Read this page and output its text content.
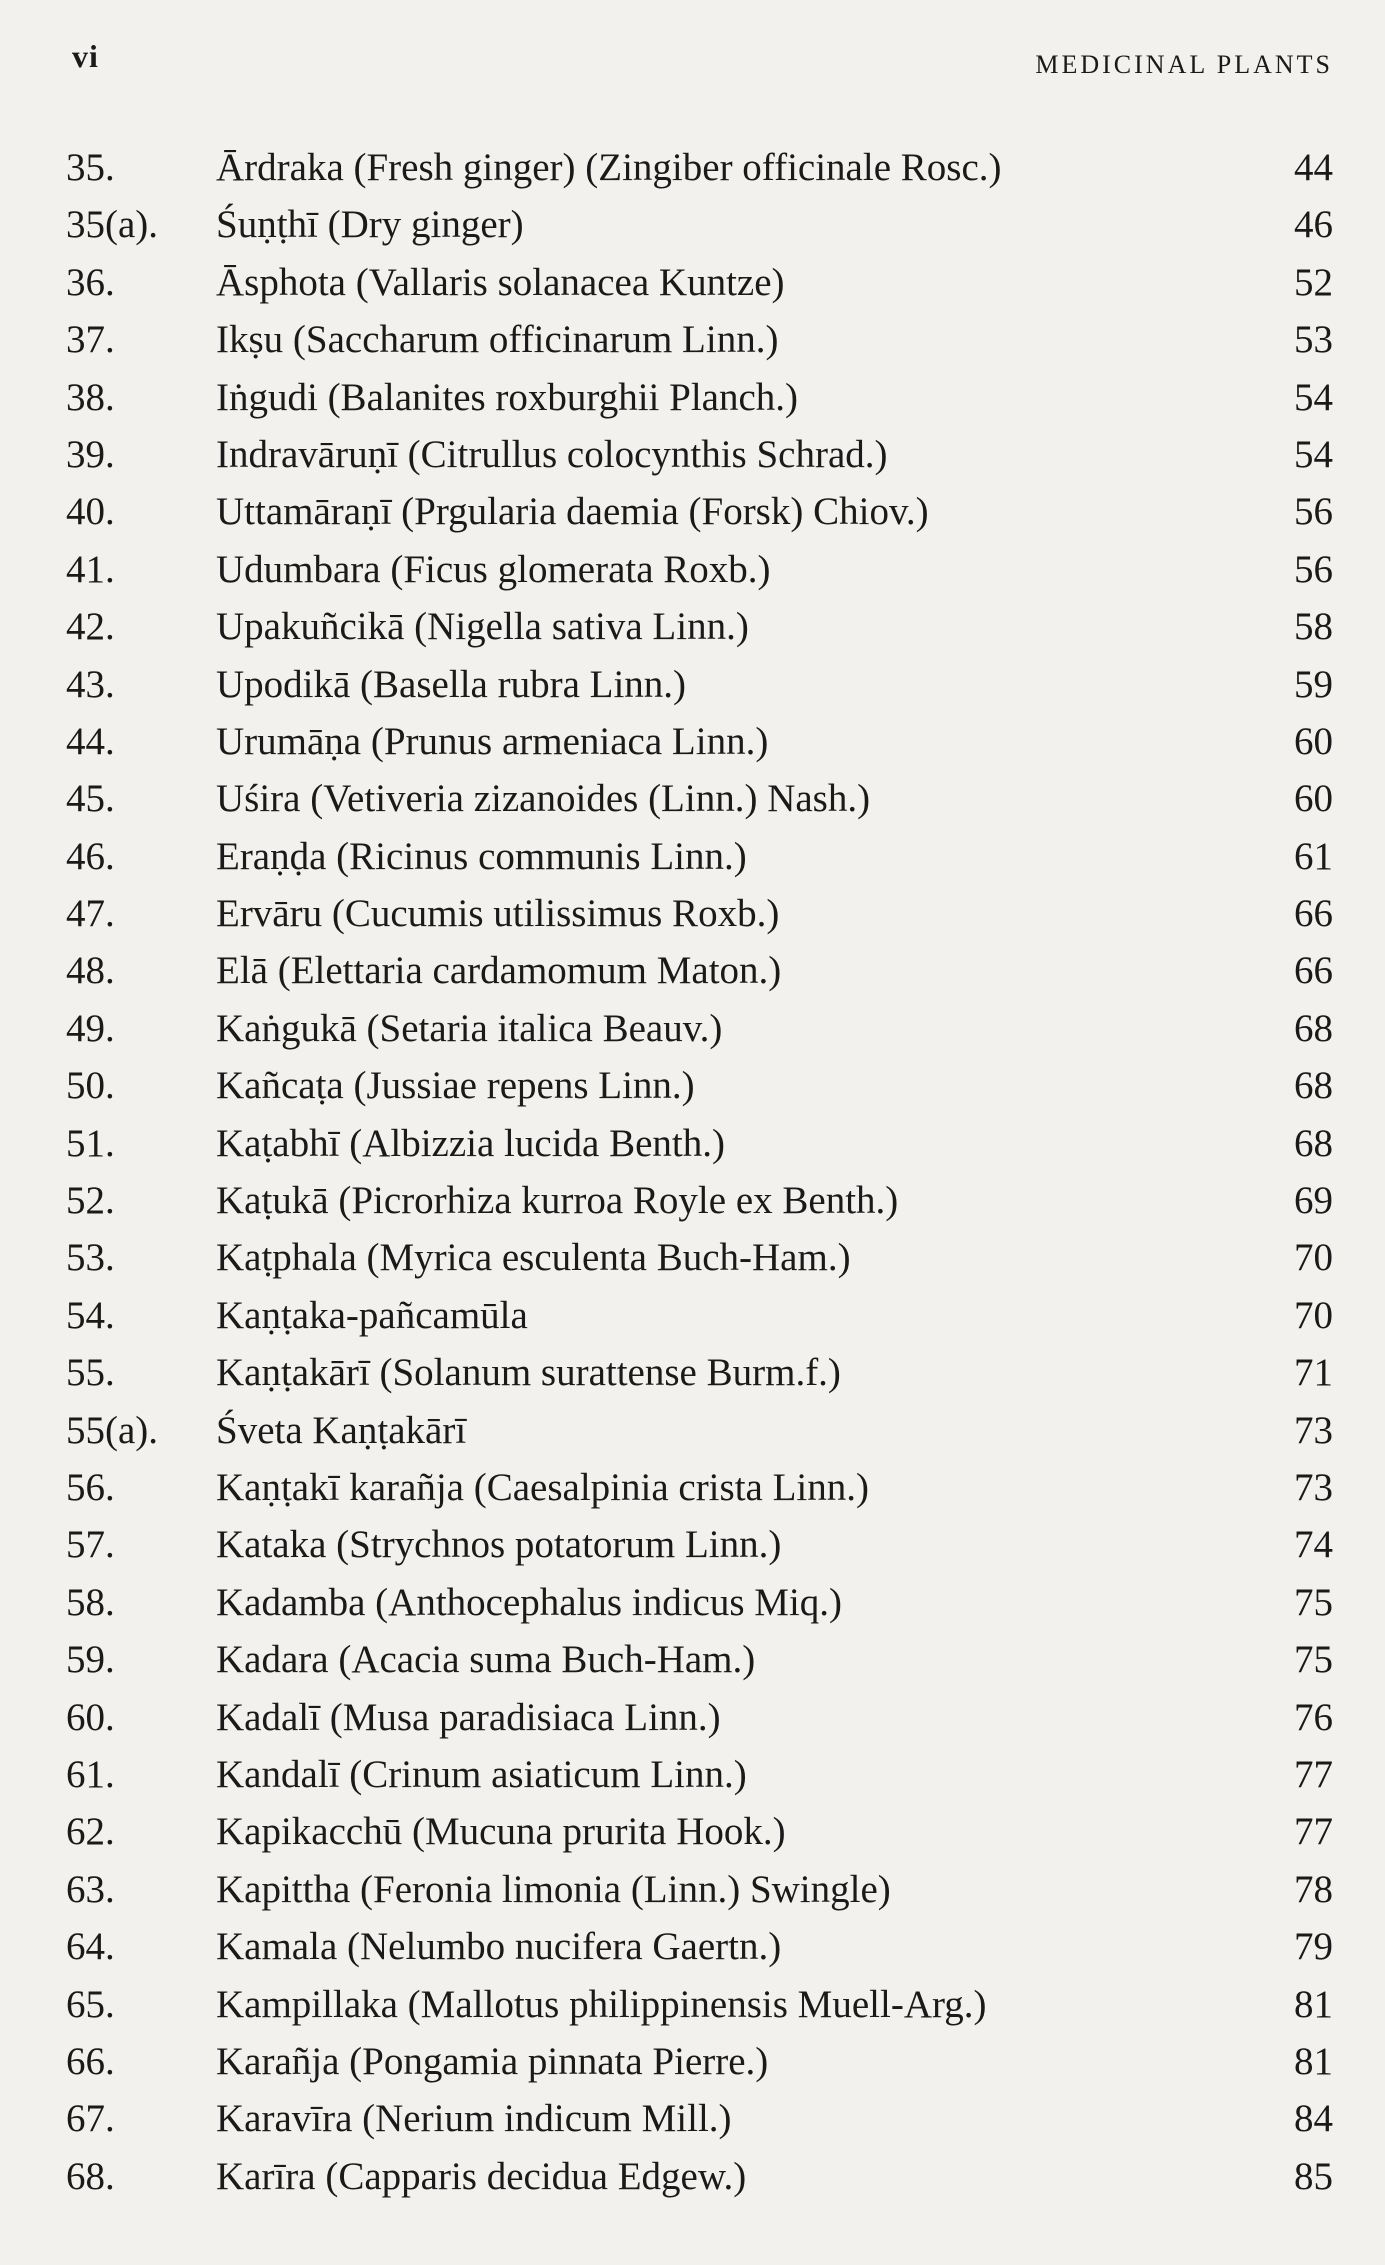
vi	MEDICINAL PLANTS
35.	Ārdraka (Fresh ginger) (Zingiber officinale Rosc.)	44
35(a). Śuṇṭhī (Dry ginger)	46
36.	Āsphota (Vallaris solanacea Kuntze)	52
37.	Ikṣu (Saccharum officinarum Linn.)	53
38.	Iṅgudi (Balanites roxburghii Planch.)	54
39.	Indravāruṇī (Citrullus colocynthis Schrad.)	54
40.	Uttamāraṇī (Prgularia daemia (Forsk) Chiov.)	56
41.	Udumbara (Ficus glomerata Roxb.)	56
42.	Upakuñcikā (Nigella sativa Linn.)	58
43.	Upodikā (Basella rubra Linn.)	59
44.	Urumāṇa (Prunus armeniaca Linn.)	60
45.	Uśira (Vetiveria zizanoides (Linn.) Nash.)	60
46.	Eraṇḍa (Ricinus communis Linn.)	61
47.	Ervāru (Cucumis utilissimus Roxb.)	66
48.	Elā (Elettaria cardamomum Maton.)	66
49.	Kaṅgukā (Setaria italica Beauv.)	68
50.	Kañcaṭa (Jussiae repens Linn.)	68
51.	Kaṭabhī (Albizzia lucida Benth.)	68
52.	Kaṭukā (Picrorhiza kurroa Royle ex Benth.)	69
53.	Kaṭphala (Myrica esculenta Buch-Ham.)	70
54.	Kaṇṭaka-pañcamūla	70
55.	Kaṇṭakārī (Solanum surattense Burm.f.)	71
55(a). Śveta Kaṇṭakārī	73
56.	Kaṇṭakī karañja (Caesalpinia crista Linn.)	73
57.	Kataka (Strychnos potatorum Linn.)	74
58.	Kadamba (Anthocephalus indicus Miq.)	75
59.	Kadara (Acacia suma Buch-Ham.)	75
60.	Kadalī (Musa paradisiaca Linn.)	76
61.	Kandalī (Crinum asiaticum Linn.)	77
62.	Kapikacchū (Mucuna prurita Hook.)	77
63.	Kapittha (Feronia limonia (Linn.) Swingle)	78
64.	Kamala (Nelumbo nucifera Gaertn.)	79
65.	Kampillaka (Mallotus philippinensis Muell-Arg.)	81
66.	Karañja (Pongamia pinnata Pierre.)	81
67.	Karavīra (Nerium indicum Mill.)	84
68.	Karīra (Capparis decidua Edgew.)	85
